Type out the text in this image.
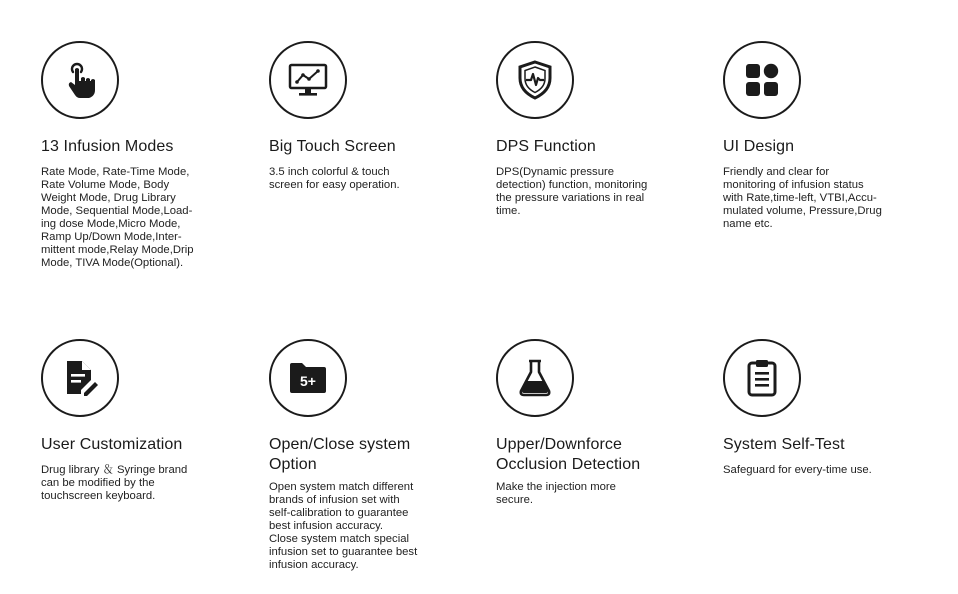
13 Infusion Modes
Rate Mode, Rate-Time Mode,
Rate Volume Mode, Body
Weight Mode, Drug Library
Mode, Sequential Mode,Load-
ing dose Mode,Micro Mode,
Ramp Up/Down Mode,Inter-
mittent mode,Relay Mode,Drip
Mode, TIVA Mode(Optional).
Big Touch Screen
3.5 inch colorful & touch
screen for easy operation.
DPS Function
DPS(Dynamic pressure
detection) function, monitoring
the pressure variations in real
time.
UI Design
Friendly and clear for
monitoring of infusion status
with Rate,time-left, VTBI,Accu-
mulated volume, Pressure,Drug
name etc.
User Customization
Drug library ＆ Syringe brand
can be modified by the
touchscreen keyboard.
5+
Open/Close system
Option
Open system match different
brands of infusion set with
self-calibration to guarantee
best infusion accuracy.
Close system match special
infusion set to guarantee best
infusion accuracy.
Upper/Downforce
Occlusion Detection
Make the injection more
secure.
System Self-Test
Safeguard for every-time use.
